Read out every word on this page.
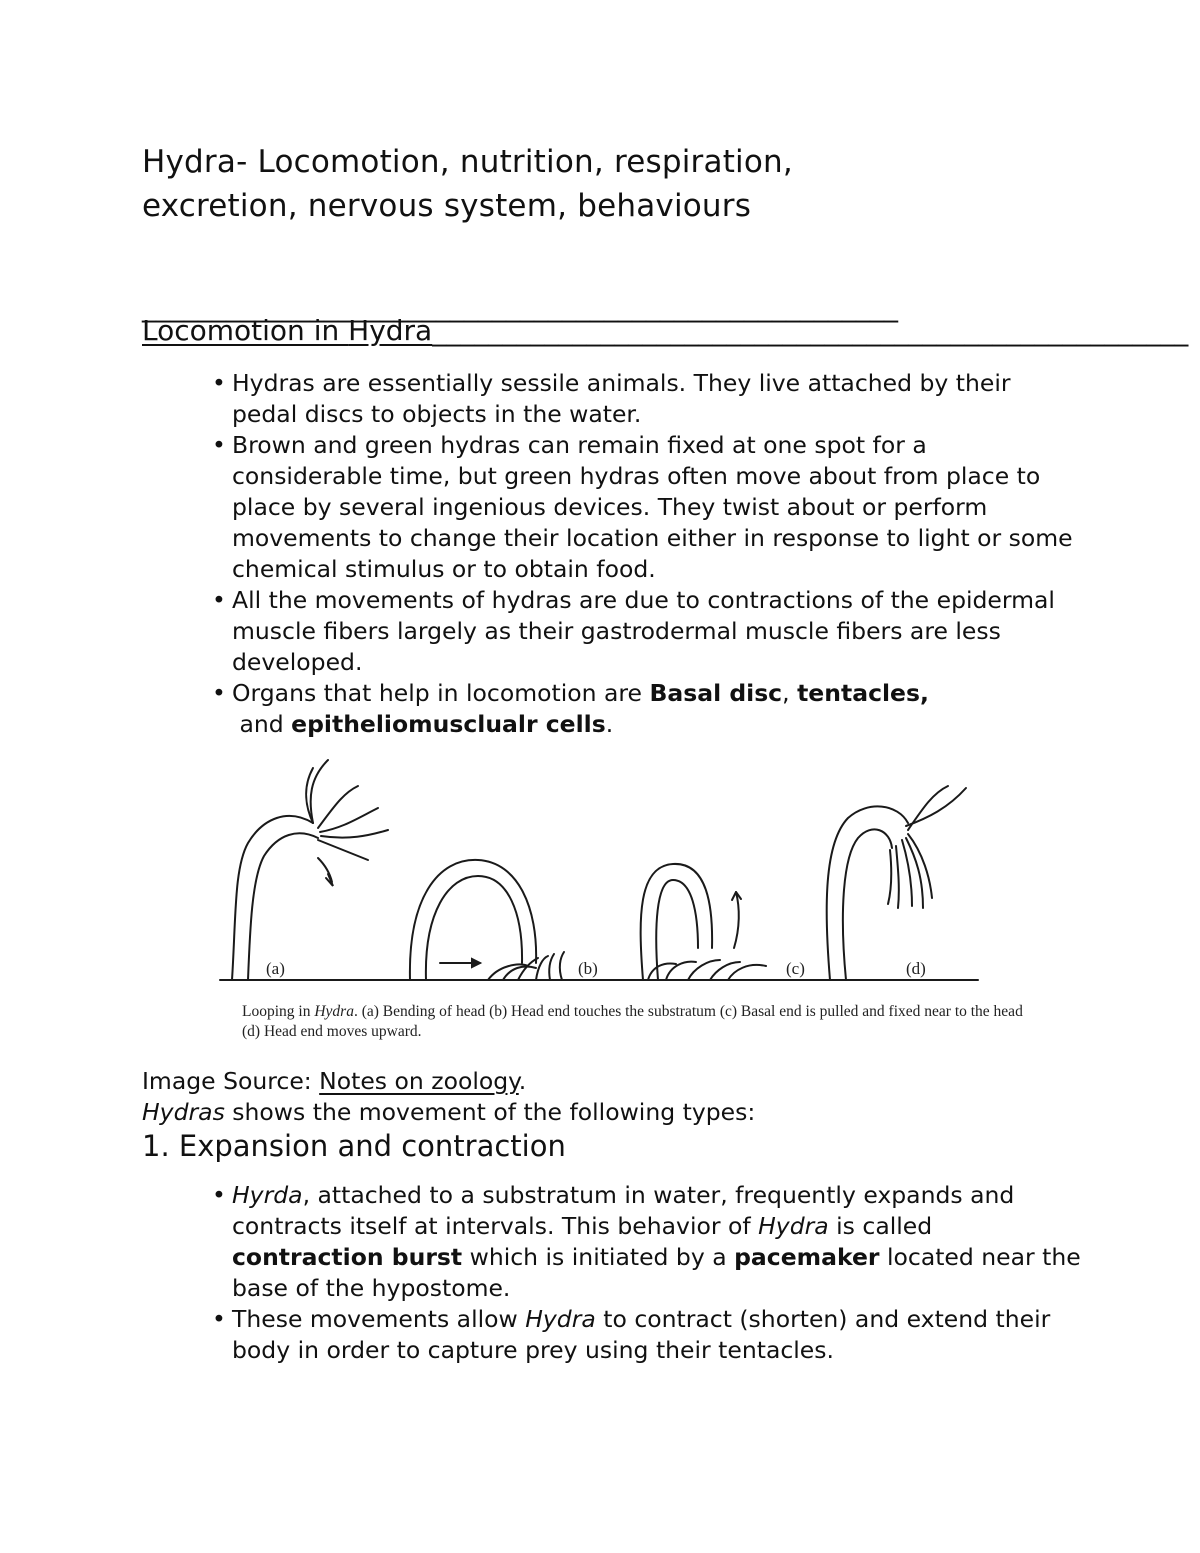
Hydra- Locomotion, nutrition, respiration,
excretion, nervous system, behaviours
______________________________________________________
Locomotion in Hydra______________________________________________________
• Hydras are essentially sessile animals. They live attached by their pedal discs to objects in the water.
• Brown and green hydras can remain fixed at one spot for a considerable time, but green hydras often move about from place to place by several ingenious devices. They twist about or perform movements to change their location either in response to light or some chemical stimulus or to obtain food.
• All the movements of hydras are due to contractions of the epidermal muscle fibers largely as their gastrodermal muscle fibers are less developed.
• Organs that help in locomotion are Basal disc, tentacles, and epitheliomusclualr cells.
(a)	(b)	(c)	(d)
Looping in Hydra. (a) Bending of head (b) Head end touches the substratum (c) Basal end is pulled and fixed near to the head (d) Head end moves upward.
Image Source: Notes on zoology.
Hydras shows the movement of the following types:
1. Expansion and contraction
• Hyrda, attached to a substratum in water, frequently expands and contracts itself at intervals. This behavior of Hydra is called contraction burst which is initiated by a pacemaker located near the base of the hypostome.
• These movements allow Hydra to contract (shorten) and extend their body in order to capture prey using their tentacles.
